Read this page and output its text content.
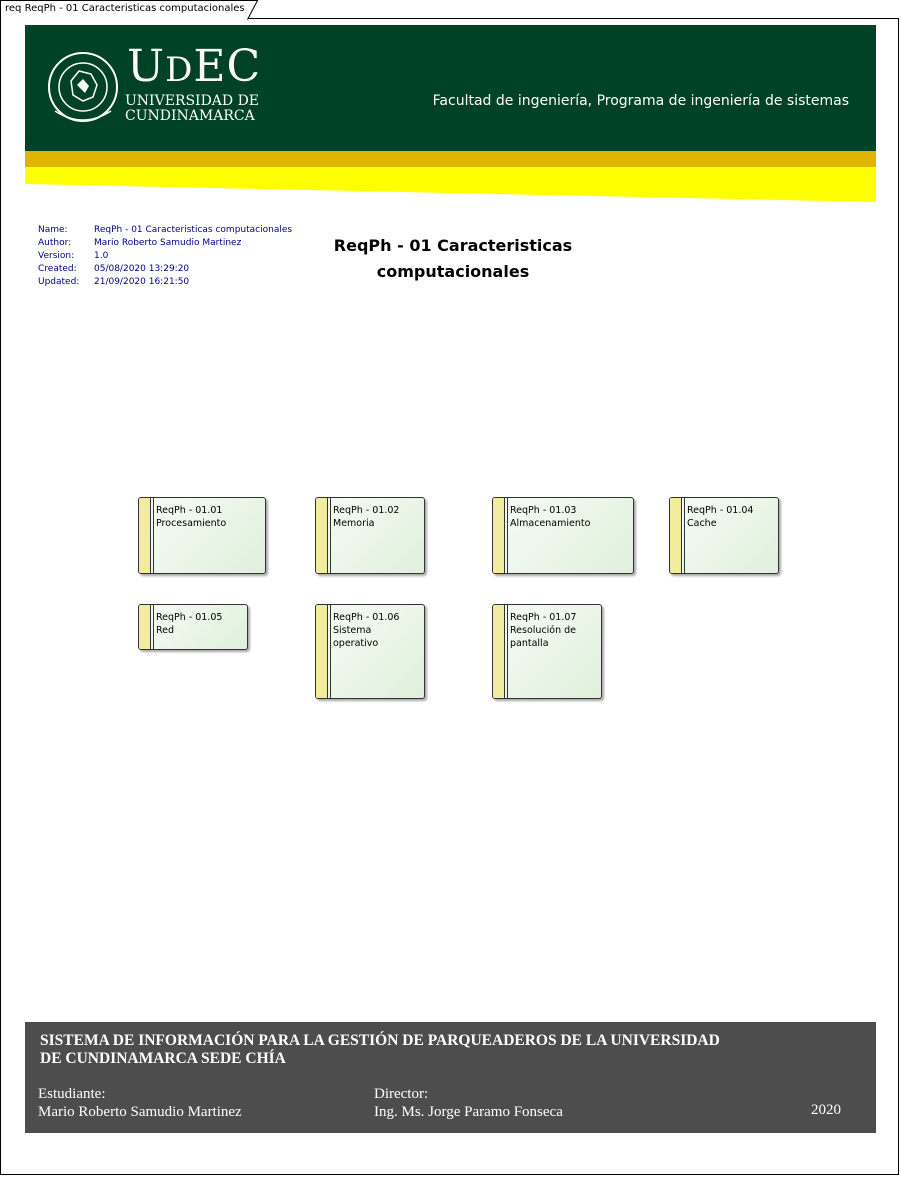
req ReqPh - 01 Caracteristicas computacionales
UDEC
UNIVERSIDAD DE
CUNDINAMARCA
Facultad de ingeniería, Programa de ingeniería de sistemas
Name:	ReqPh - 01 Caracteristicas computacionales
Author:	Mario Roberto Samudio Martinez
Version: 1.0
Created: 05/08/2020 13:29:20
Updated: 21/09/2020 16:21:50
ReqPh - 01 Caracteristicas
computacionales
ReqPh - 01.01
Procesamiento
ReqPh - 01.02
Memoria
ReqPh - 01.03
Almacenamiento
ReqPh - 01.04
Cache
ReqPh - 01.05
Red
ReqPh - 01.06
Sistema
operativo
ReqPh - 01.07
Resolución de
pantalla
SISTEMA DE INFORMACIÓN PARA LA GESTIÓN DE PARQUEADEROS DE LA UNIVERSIDAD
DE CUNDINAMARCA SEDE CHÍA
Estudiante:
Mario Roberto Samudio Martinez
Director:
Ing. Ms. Jorge Paramo Fonseca	2020
